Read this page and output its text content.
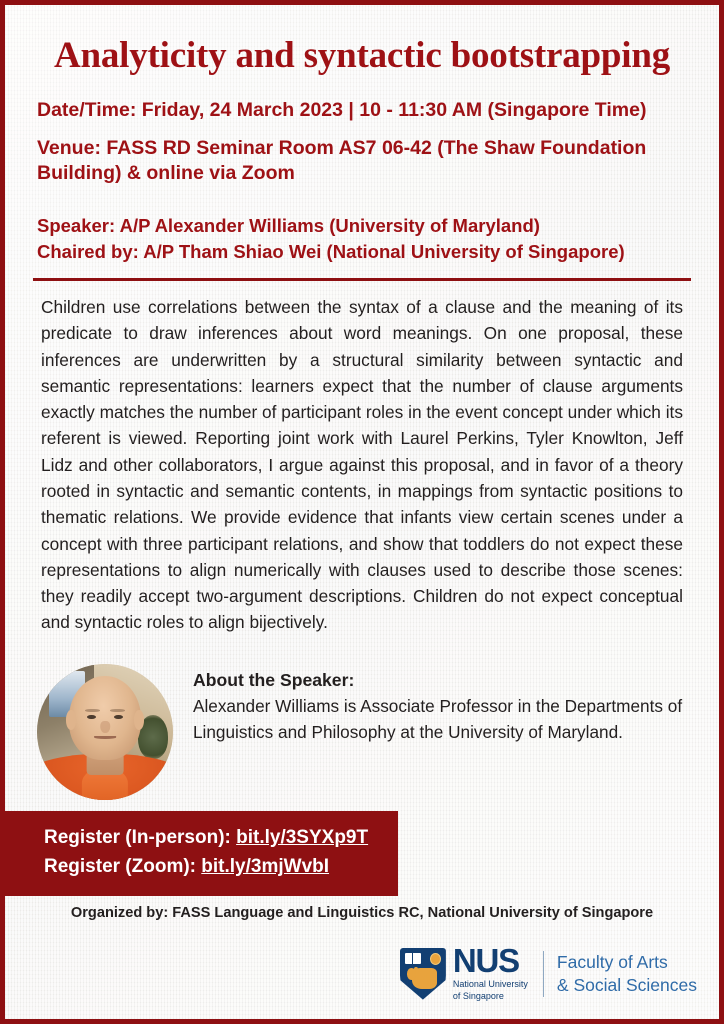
Analyticity and syntactic bootstrapping
Date/Time: Friday, 24 March 2023 | 10 - 11:30 AM (Singapore Time)
Venue: FASS RD Seminar Room AS7 06-42 (The Shaw Foundation Building) & online via Zoom
Speaker: A/P Alexander Williams (University of Maryland)
Chaired by: A/P Tham Shiao Wei (National University of Singapore)
Children use correlations between the syntax of a clause and the meaning of its predicate to draw inferences about word meanings. On one proposal, these inferences are underwritten by a structural similarity between syntactic and semantic representations: learners expect that the number of clause arguments exactly matches the number of participant roles in the event concept under which its referent is viewed. Reporting joint work with Laurel Perkins, Tyler Knowlton, Jeff Lidz and other collaborators, I argue against this proposal, and in favor of a theory rooted in syntactic and semantic contents, in mappings from syntactic positions to thematic relations. We provide evidence that infants view certain scenes under a concept with three participant relations, and show that toddlers do not expect these representations to align numerically with clauses used to describe those scenes: they readily accept two-argument descriptions. Children do not expect conceptual and syntactic roles to align bijectively.
About the Speaker:
Alexander Williams is Associate Professor in the Departments of Linguistics and Philosophy at the University of Maryland.
Register (In-person): bit.ly/3SYXp9T
Register (Zoom): bit.ly/3mjWvbI
Organized by: FASS Language and Linguistics RC, National University of Singapore
NUS
National University
of Singapore
Faculty of Arts
& Social Sciences
